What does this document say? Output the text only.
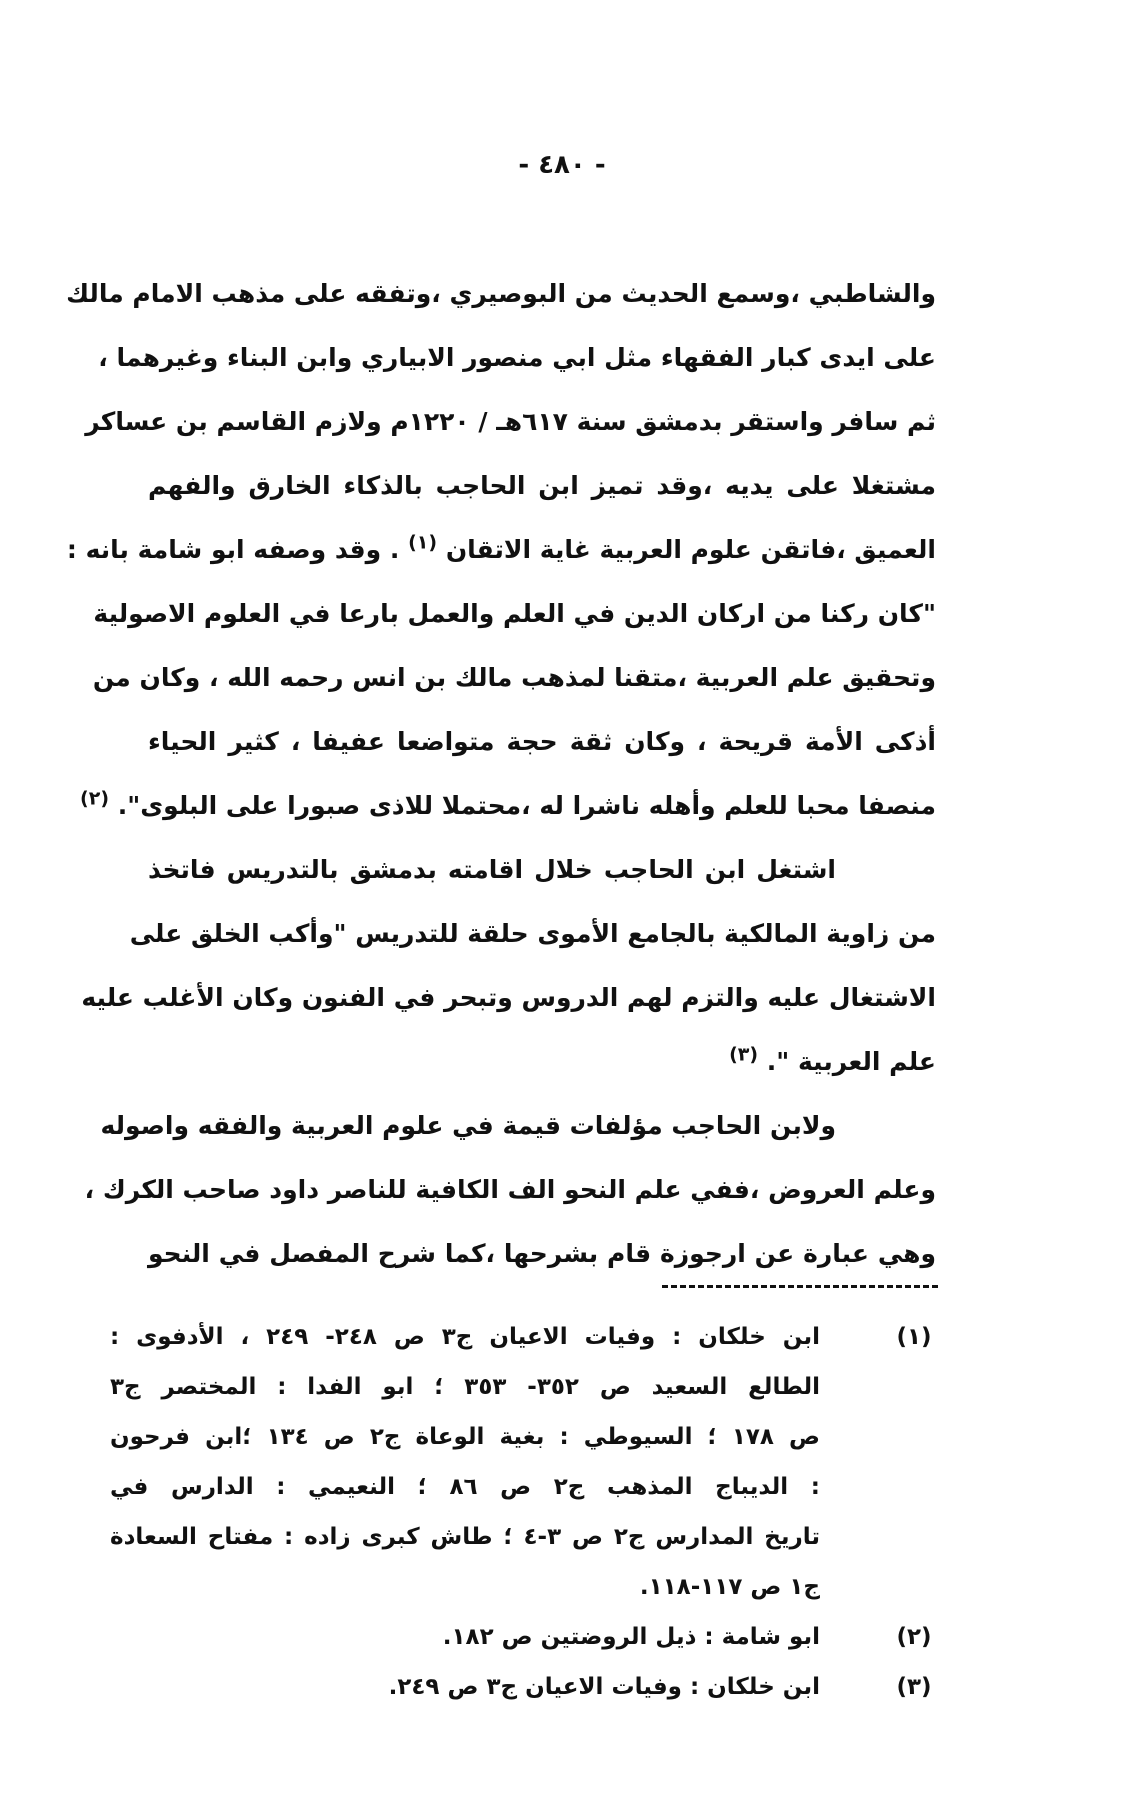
- ٤٨٠ -
والشاطبي ،وسمع الحديث من البوصيري ،وتفقه على مذهب الامام مالك
على ايدى كبار الفقهاء مثل ابي منصور الابياري وابن البناء وغيرهما ،
ثم سافر واستقر بدمشق سنة ٦١٧هـ / ١٢٢٠م ولازم القاسم بن عساكر
مشتغلا على يديه ،وقد تميز ابن الحاجب بالذكاء الخارق والفهم
العميق ،فاتقن علوم العربية غاية الاتقان $^{(١)}$ . وقد وصفه ابو شامة بانه :
"كان ركنا من اركان الدين في العلم والعمل بارعا في العلوم الاصولية
وتحقيق علم العربية ،متقنا لمذهب مالك بن انس رحمه الله ، وكان من
أذكى الأمة قريحة ، وكان ثقة حجة متواضعا عفيفا ، كثير الحياء
منصفا محبا للعلم وأهله ناشرا له ،محتملا للاذى صبورا على البلوى". $^{(٢)}$
اشتغل ابن الحاجب خلال اقامته بدمشق بالتدريس فاتخذ
من زاوية المالكية بالجامع الأموى حلقة للتدريس "وأكب الخلق على
الاشتغال عليه والتزم لهم الدروس وتبحر في الفنون وكان الأغلب عليه
علم العربية ". $^{(٣)}$
ولابن الحاجب مؤلفات قيمة في علوم العربية والفقه واصوله
وعلم العروض ،ففي علم النحو الف الكافية للناصر داود صاحب الكرك ،
وهي عبارة عن ارجوزة قام بشرحها ،كما شرح المفصل في النحو
(١)
ابن خلكان : وفيات الاعيان ج٣ ص ٢٤٨- ٢٤٩ ، الأدفوى :
الطالع السعيد ص ٣٥٢- ٣٥٣ ؛ ابو الفدا : المختصر ج٣
ص ١٧٨ ؛ السيوطي : بغية الوعاة ج٢ ص ١٣٤ ؛ابن فرحون
: الديباج المذهب ج٢ ص ٨٦ ؛ النعيمي : الدارس في
تاريخ المدارس ج٢ ص ٣-٤ ؛ طاش كبرى زاده : مفتاح السعادة
ج١ ص ١١٧-١١٨.
(٢)
ابو شامة : ذيل الروضتين ص ١٨٢.
(٣)
ابن خلكان : وفيات الاعيان ج٣ ص ٢٤٩.
